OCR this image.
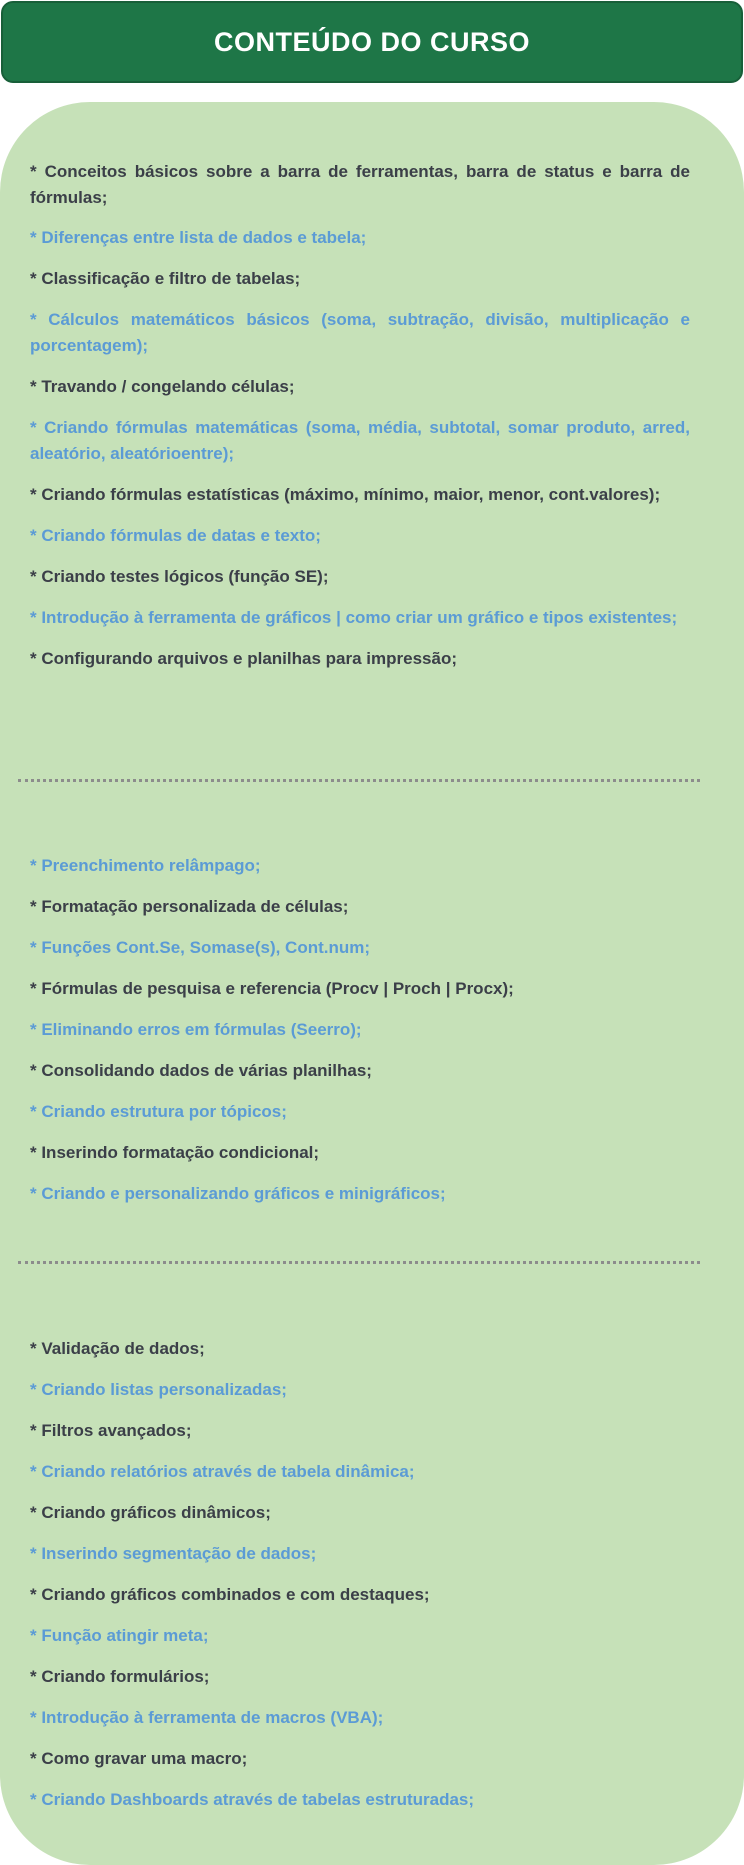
CONTEÚDO DO CURSO

* Conceitos básicos sobre a barra de ferramentas, barra de status e barra de fórmulas;

* Diferenças entre lista de dados e tabela;

* Classificação e filtro de tabelas;

* Cálculos matemáticos básicos (soma, subtração, divisão, multiplicação e porcentagem);

* Travando / congelando células;

* Criando fórmulas matemáticas (soma, média, subtotal, somar produto, arred, aleatório, aleatórioentre);

* Criando fórmulas estatísticas (máximo, mínimo, maior, menor, cont.valores);

* Criando fórmulas de datas e texto;

* Criando testes lógicos (função SE);

* Introdução à ferramenta de gráficos | como criar um gráfico e tipos existentes;

* Configurando arquivos e planilhas para impressão;

* Preenchimento relâmpago;

* Formatação personalizada de células;

* Funções Cont.Se, Somase(s), Cont.num;

* Fórmulas de pesquisa e referencia (Procv | Proch | Procx);

* Eliminando erros em fórmulas (Seerro);

* Consolidando dados de várias planilhas;

* Criando estrutura por tópicos;

* Inserindo formatação condicional;

* Criando e personalizando gráficos e minigráficos;

* Validação de dados;

* Criando listas personalizadas;

* Filtros avançados;

* Criando relatórios através de tabela dinâmica;

* Criando gráficos dinâmicos;

* Inserindo segmentação de dados;

* Criando gráficos combinados e com destaques;

* Função atingir meta;

* Criando formulários;

* Introdução à ferramenta de macros (VBA);

* Como gravar uma macro;

* Criando Dashboards através de tabelas estruturadas;
